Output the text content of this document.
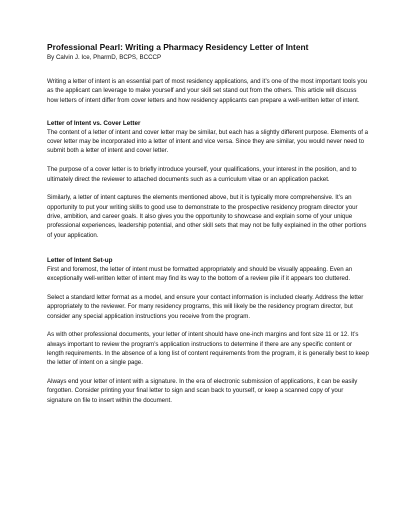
Professional Pearl: Writing a Pharmacy Residency Letter of Intent

By Calvin J. Ice, PharmD, BCPS, BCCCP

Writing a letter of intent is an essential part of most residency applications, and it’s one of the most important tools you as the applicant can leverage to make yourself and your skill set stand out from the others. This article will discuss how letters of intent differ from cover letters and how residency applicants can prepare a well-written letter of intent.

Letter of Intent vs. Cover Letter

The content of a letter of intent and cover letter may be similar, but each has a slightly different purpose. Elements of a cover letter may be incorporated into a letter of intent and vice versa. Since they are similar, you would never need to submit both a letter of intent and cover letter.

The purpose of a cover letter is to briefly introduce yourself, your qualifications, your interest in the position, and to ultimately direct the reviewer to attached documents such as a curriculum vitae or an application packet.

Similarly, a letter of intent captures the elements mentioned above, but it is typically more comprehensive. It’s an opportunity to put your writing skills to good use to demonstrate to the prospective residency program director your drive, ambition, and career goals. It also gives you the opportunity to showcase and explain some of your unique professional experiences, leadership potential, and other skill sets that may not be fully explained in the other portions of your application.

Letter of Intent Set-up

First and foremost, the letter of intent must be formatted appropriately and should be visually appealing. Even an exceptionally well-written letter of intent may find its way to the bottom of a review pile if it appears too cluttered.

Select a standard letter format as a model, and ensure your contact information is included clearly. Address the letter appropriately to the reviewer. For many residency programs, this will likely be the residency program director, but consider any special application instructions you receive from the program.

As with other professional documents, your letter of intent should have one-inch margins and font size 11 or 12. It’s always important to review the program’s application instructions to determine if there are any specific content or length requirements. In the absence of a long list of content requirements from the program, it is generally best to keep the letter of intent on a single page.

Always end your letter of intent with a signature. In the era of electronic submission of applications, it can be easily forgotten. Consider printing your final letter to sign and scan back to yourself, or keep a scanned copy of your signature on file to insert within the document.
